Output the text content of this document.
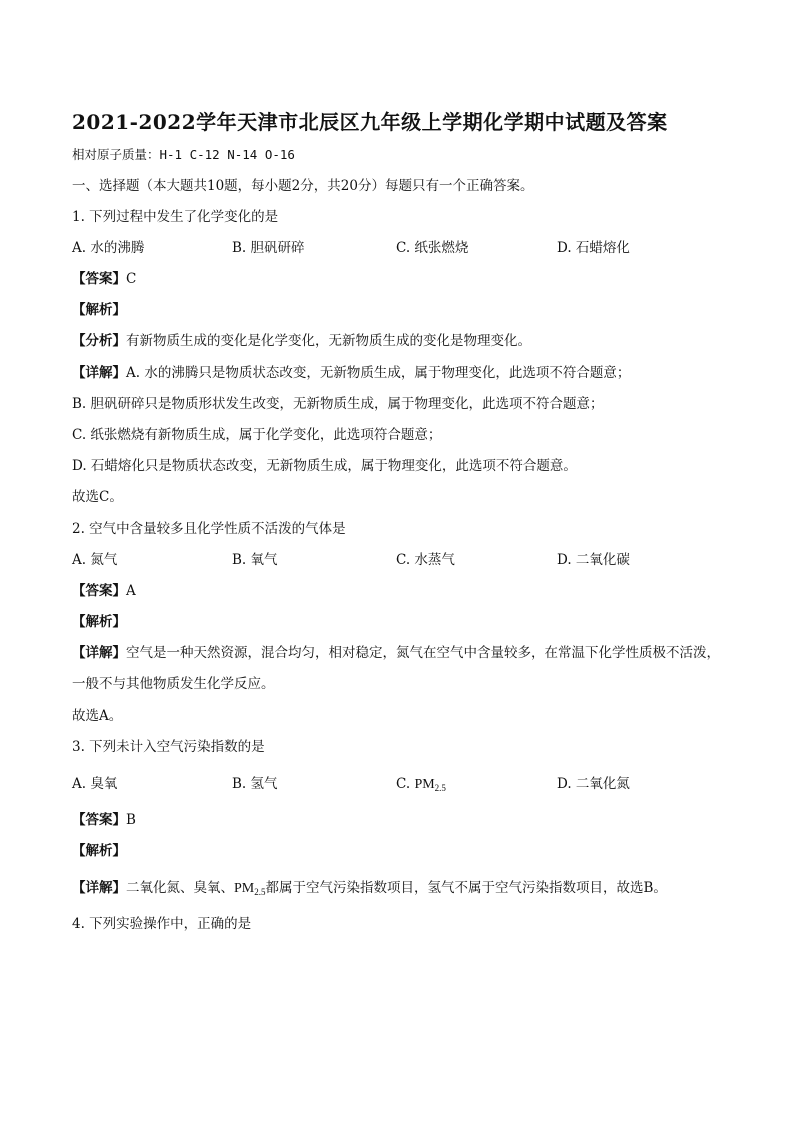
2021-2022学年天津市北辰区九年级上学期化学期中试题及答案
相对原子质量：H-1 C-12 N-14 O-16
一、选择题（本大题共10题，每小题2分，共20分）每题只有一个正确答案。
1. 下列过程中发生了化学变化的是
A. 水的沸腾	B. 胆矾研碎	C. 纸张燃烧	D. 石蜡熔化
【答案】C
【解析】
【分析】有新物质生成的变化是化学变化，无新物质生成的变化是物理变化。
【详解】A. 水的沸腾只是物质状态改变，无新物质生成，属于物理变化，此选项不符合题意；
B. 胆矾研碎只是物质形状发生改变，无新物质生成，属于物理变化，此选项不符合题意；
C. 纸张燃烧有新物质生成，属于化学变化，此选项符合题意；
D. 石蜡熔化只是物质状态改变，无新物质生成，属于物理变化，此选项不符合题意。
故选C。
2. 空气中含量较多且化学性质不活泼的气体是
A. 氮气	B. 氧气	C. 水蒸气	D. 二氧化碳
【答案】A
【解析】
【详解】空气是一种天然资源，混合均匀，相对稳定，氮气在空气中含量较多，在常温下化学性质极不活泼，一般不与其他物质发生化学反应。
故选A。
3. 下列未计入空气污染指数的是
A. 臭氧	B. 氢气	C. $PM_{2.5}$	D. 二氧化氮
【答案】B
【解析】
【详解】二氧化氮、臭氧、$PM_{2.5}$都属于空气污染指数项目，氢气不属于空气污染指数项目，故选B。
4. 下列实验操作中，正确的是
